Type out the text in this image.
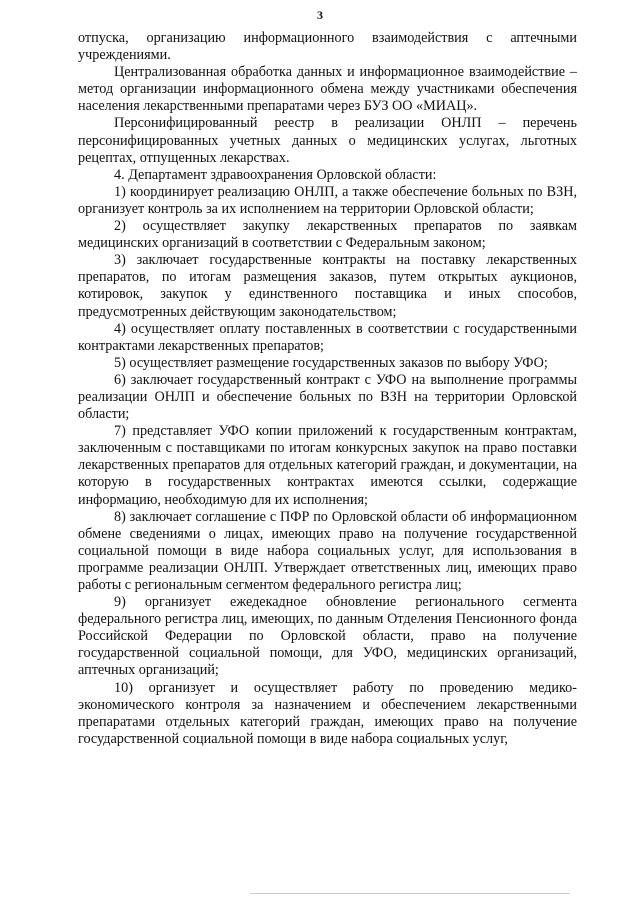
3

отпуска, организацию информационного взаимодействия с аптечными учреждениями.

Централизованная обработка данных и информационное взаимодействие – метод организации информационного обмена между участниками обеспечения населения лекарственными препаратами через БУЗ ОО «МИАЦ».

Персонифицированный реестр в реализации ОНЛП – перечень персонифицированных учетных данных о медицинских услугах, льготных рецептах, отпущенных лекарствах.

4. Департамент здравоохранения Орловской области:

1) координирует реализацию ОНЛП, а также обеспечение больных по ВЗН, организует контроль за их исполнением на территории Орловской области;

2) осуществляет закупку лекарственных препаратов по заявкам медицинских организаций в соответствии с Федеральным законом;

3) заключает государственные контракты на поставку лекарственных препаратов, по итогам размещения заказов, путем открытых аукционов, котировок, закупок у единственного поставщика и иных способов, предусмотренных действующим законодательством;

4) осуществляет оплату поставленных в соответствии с государственными контрактами лекарственных препаратов;

5) осуществляет размещение государственных заказов по выбору УФО;

6) заключает государственный контракт с УФО на выполнение программы реализации ОНЛП и обеспечение больных по ВЗН на территории Орловской области;

7) представляет УФО копии приложений к государственным контрактам, заключенным с поставщиками по итогам конкурсных закупок на право поставки лекарственных препаратов для отдельных категорий граждан, и документации, на которую в государственных контрактах имеются ссылки, содержащие информацию, необходимую для их исполнения;

8) заключает соглашение с ПФР по Орловской области об информационном обмене сведениями о лицах, имеющих право на получение государственной социальной помощи в виде набора социальных услуг, для использования в программе реализации ОНЛП. Утверждает ответственных лиц, имеющих право работы с региональным сегментом федерального регистра лиц;

9) организует ежедекадное обновление регионального сегмента федерального регистра лиц, имеющих, по данным Отделения Пенсионного фонда Российской Федерации по Орловской области, право на получение государственной социальной помощи, для УФО, медицинских организаций, аптечных организаций;

10) организует и осуществляет работу по проведению медико-экономического контроля за назначением и обеспечением лекарственными препаратами отдельных категорий граждан, имеющих право на получение государственной социальной помощи в виде набора социальных услуг,
